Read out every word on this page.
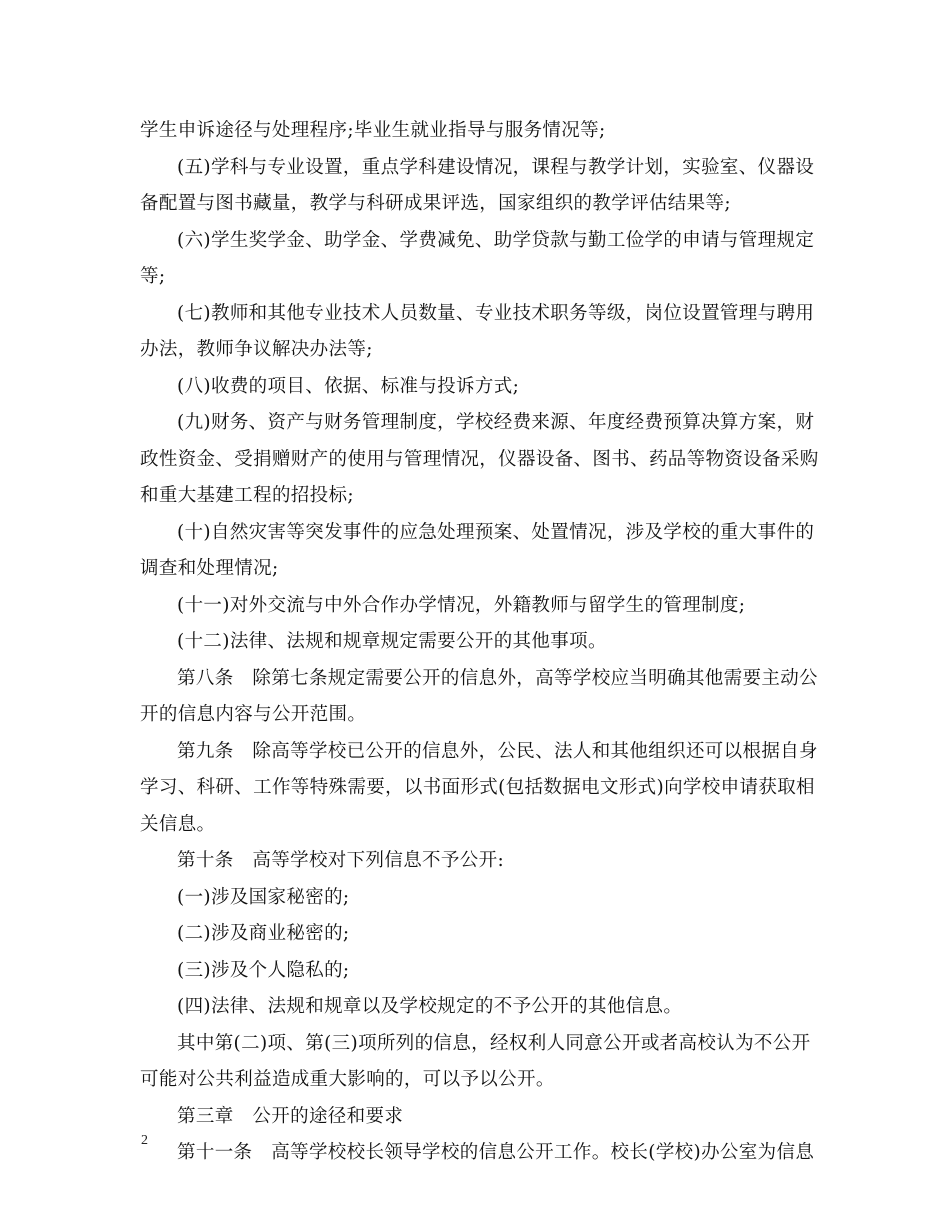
学生申诉途径与处理程序;毕业生就业指导与服务情况等;
(五)学科与专业设置，重点学科建设情况，课程与教学计划，实验室、仪器设
备配置与图书藏量，教学与科研成果评选，国家组织的教学评估结果等;
(六)学生奖学金、助学金、学费减免、助学贷款与勤工俭学的申请与管理规定
等;
(七)教师和其他专业技术人员数量、专业技术职务等级，岗位设置管理与聘用
办法，教师争议解决办法等;
(八)收费的项目、依据、标准与投诉方式;
(九)财务、资产与财务管理制度，学校经费来源、年度经费预算决算方案，财
政性资金、受捐赠财产的使用与管理情况，仪器设备、图书、药品等物资设备采购
和重大基建工程的招投标;
(十)自然灾害等突发事件的应急处理预案、处置情况，涉及学校的重大事件的
调查和处理情况;
(十一)对外交流与中外合作办学情况，外籍教师与留学生的管理制度;
(十二)法律、法规和规章规定需要公开的其他事项。
第八条　除第七条规定需要公开的信息外，高等学校应当明确其他需要主动公
开的信息内容与公开范围。
第九条　除高等学校已公开的信息外，公民、法人和其他组织还可以根据自身
学习、科研、工作等特殊需要，以书面形式(包括数据电文形式)向学校申请获取相
关信息。
第十条　高等学校对下列信息不予公开:
(一)涉及国家秘密的;
(二)涉及商业秘密的;
(三)涉及个人隐私的;
(四)法律、法规和规章以及学校规定的不予公开的其他信息。
其中第(二)项、第(三)项所列的信息，经权利人同意公开或者高校认为不公开
可能对公共利益造成重大影响的，可以予以公开。
第三章　公开的途径和要求
第十一条　高等学校校长领导学校的信息公开工作。校长(学校)办公室为信息
2
